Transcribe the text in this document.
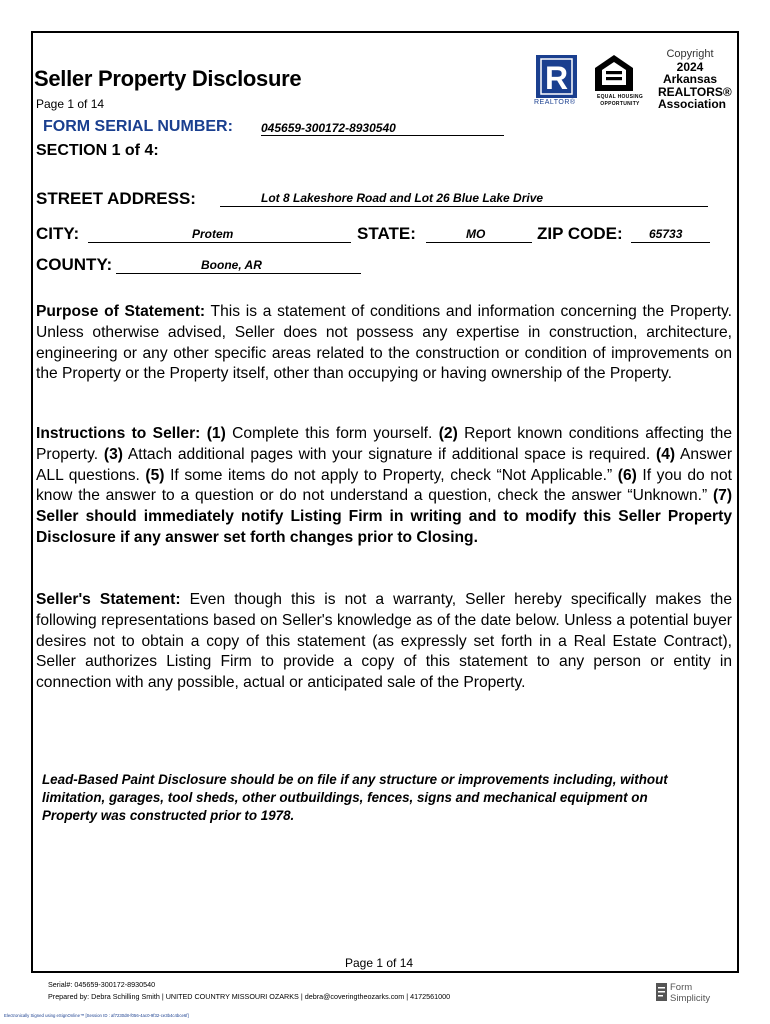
Seller Property Disclosure
Page 1 of 14
R
REALTOR®
EQUAL HOUSING
OPPORTUNITY
Copyright
2024
Arkansas
REALTORS®
Association
FORM SERIAL NUMBER: 045659-300172-8930540
SECTION 1 of 4:
STREET ADDRESS:	Lot 8 Lakeshore Road and Lot 26 Blue Lake Drive
CITY:	Protem	STATE:	MO	ZIP CODE: 65733
COUNTY:	Boone, AR
Purpose of Statement: This is a statement of conditions and information concerning the Property. Unless otherwise advised, Seller does not possess any expertise in construction, architecture, engineering or any other specific areas related to the construction or condition of improvements on the Property or the Property itself, other than occupying or having ownership of the Property.
Instructions to Seller: (1) Complete this form yourself. (2) Report known conditions affecting the Property. (3) Attach additional pages with your signature if additional space is required. (4) Answer ALL questions. (5) If some items do not apply to Property, check “Not Applicable.” (6) If you do not know the answer to a question or do not understand a question, check the answer “Unknown.” (7) Seller should immediately notify Listing Firm in writing and to modify this Seller Property Disclosure if any answer set forth changes prior to Closing.
Seller's Statement: Even though this is not a warranty, Seller hereby specifically makes the following representations based on Seller's knowledge as of the date below. Unless a potential buyer desires not to obtain a copy of this statement (as expressly set forth in a Real Estate Contract), Seller authorizes Listing Firm to provide a copy of this statement to any person or entity in connection with any possible, actual or anticipated sale of the Property.
Lead-Based Paint Disclosure should be on file if any structure or improvements including, without limitation, garages, tool sheds, other outbuildings, fences, signs and mechanical equipment on Property was constructed prior to 1978.
Page 1 of 14
Serial#: 045659-300172-8930540
Prepared by: Debra Schilling Smith | UNITED COUNTRY MISSOURI OZARKS | debra@coveringtheozarks.com | 4172561000
Electronically Signed using eSignOnline™ [Session ID : af7230d8-f056-4ac0-9f32-ce3b4c4bce6f]
Form
Simplicity
